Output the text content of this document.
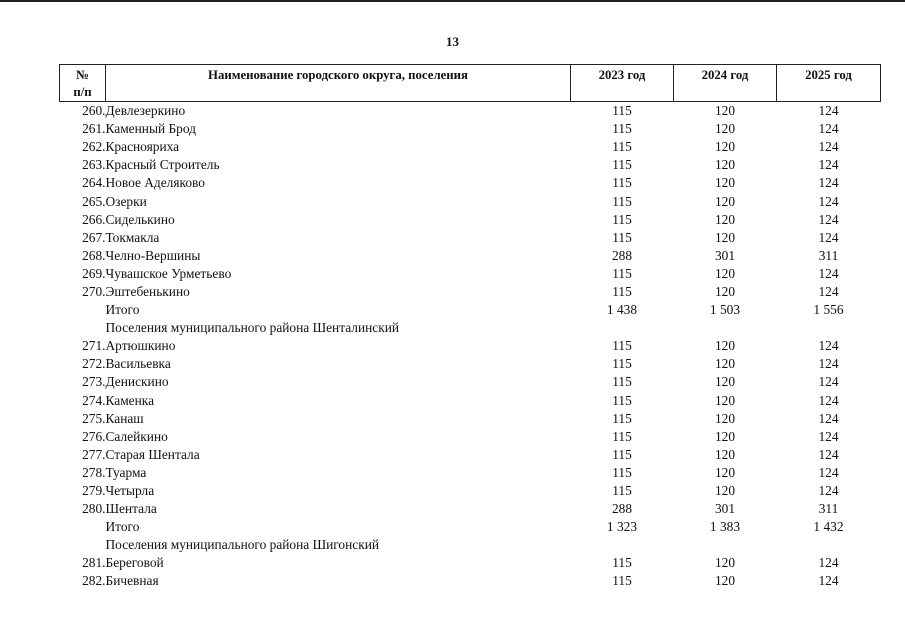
13
№
п/п	Наименование городского округа, поселения	2023 год	2024 год	2025 год
260.	Девлезеркино	115	120	124
261.	Каменный Брод	115	120	124
262.	Краснояриха	115	120	124
263.	Красный Строитель	115	120	124
264.	Новое Аделяково	115	120	124
265.	Озерки	115	120	124
266.	Сиделькино	115	120	124
267.	Токмакла	115	120	124
268.	Челно-Вершины	288	301	311
269.	Чувашское Урметьево	115	120	124
270.	Эштебенькино	115	120	124
	Итого	1 438	1 503	1 556
	Поселения муниципального района Шенталинский			
271.	Артюшкино	115	120	124
272.	Васильевка	115	120	124
273.	Денискино	115	120	124
274.	Каменка	115	120	124
275.	Канаш	115	120	124
276.	Салейкино	115	120	124
277.	Старая Шентала	115	120	124
278.	Туарма	115	120	124
279.	Четырла	115	120	124
280.	Шентала	288	301	311
	Итого	1 323	1 383	1 432
	Поселения муниципального района Шигонский			
281.	Береговой	115	120	124
282.	Бичевная	115	120	124
